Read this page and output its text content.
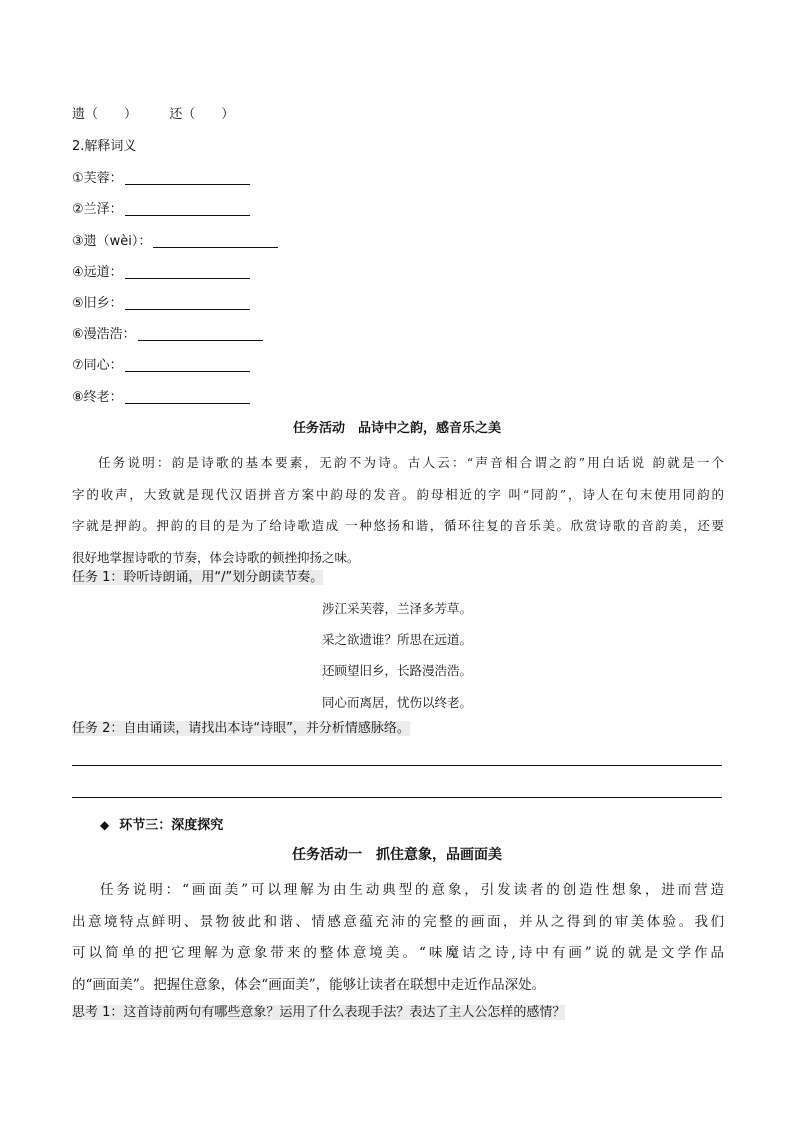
遗（　　） 还（　　）
2.解释词义
①芙蓉：
②兰泽：
③遗（wèi）：
④远道：
⑤旧乡：
⑥漫浩浩：
⑦同心：
⑧终老：
任务活动　品诗中之韵，感音乐之美

任务说明：韵是诗歌的基本要素，无韵不为诗。古人云：“声音相合谓之韵”用白话说 韵就是一个

字的收声，大致就是现代汉语拼音方案中韵母的发音。韵母相近的字 叫“同韵”，诗人在句末使用同韵的

字就是押韵。押韵的目的是为了给诗歌造成 一种悠扬和谐，循环往复的音乐美。欣赏诗歌的音韵美，还要

很好地掌握诗歌的节奏，体会诗歌的顿挫抑扬之味。

任务 1：聆听诗朗诵，用“/”划分朗读节奏。
涉江采芙蓉，兰泽多芳草。
采之欲遗谁？所思在远道。
还顾望旧乡，长路漫浩浩。
同心而离居，忧伤以终老。
任务 2：自由诵读，请找出本诗“诗眼”，并分析情感脉络。
◆ 环节三：深度探究
任务活动一　抓住意象，品画面美

任务说明：“画面美”可以理解为由生动典型的意象，引发读者的创造性想象，进而营造

出意境特点鲜明、景物彼此和谐、情感意蕴充沛的完整的画面，并从之得到的审美体验。我们

可以简单的把它理解为意象带来的整体意境美。“味魔诘之诗,诗中有画”说的就是文学作品

的“画面美”。把握住意象，体会“画面美”，能够让读者在联想中走近作品深处。

思考 1：这首诗前两句有哪些意象？运用了什么表现手法？表达了主人公怎样的感情？
